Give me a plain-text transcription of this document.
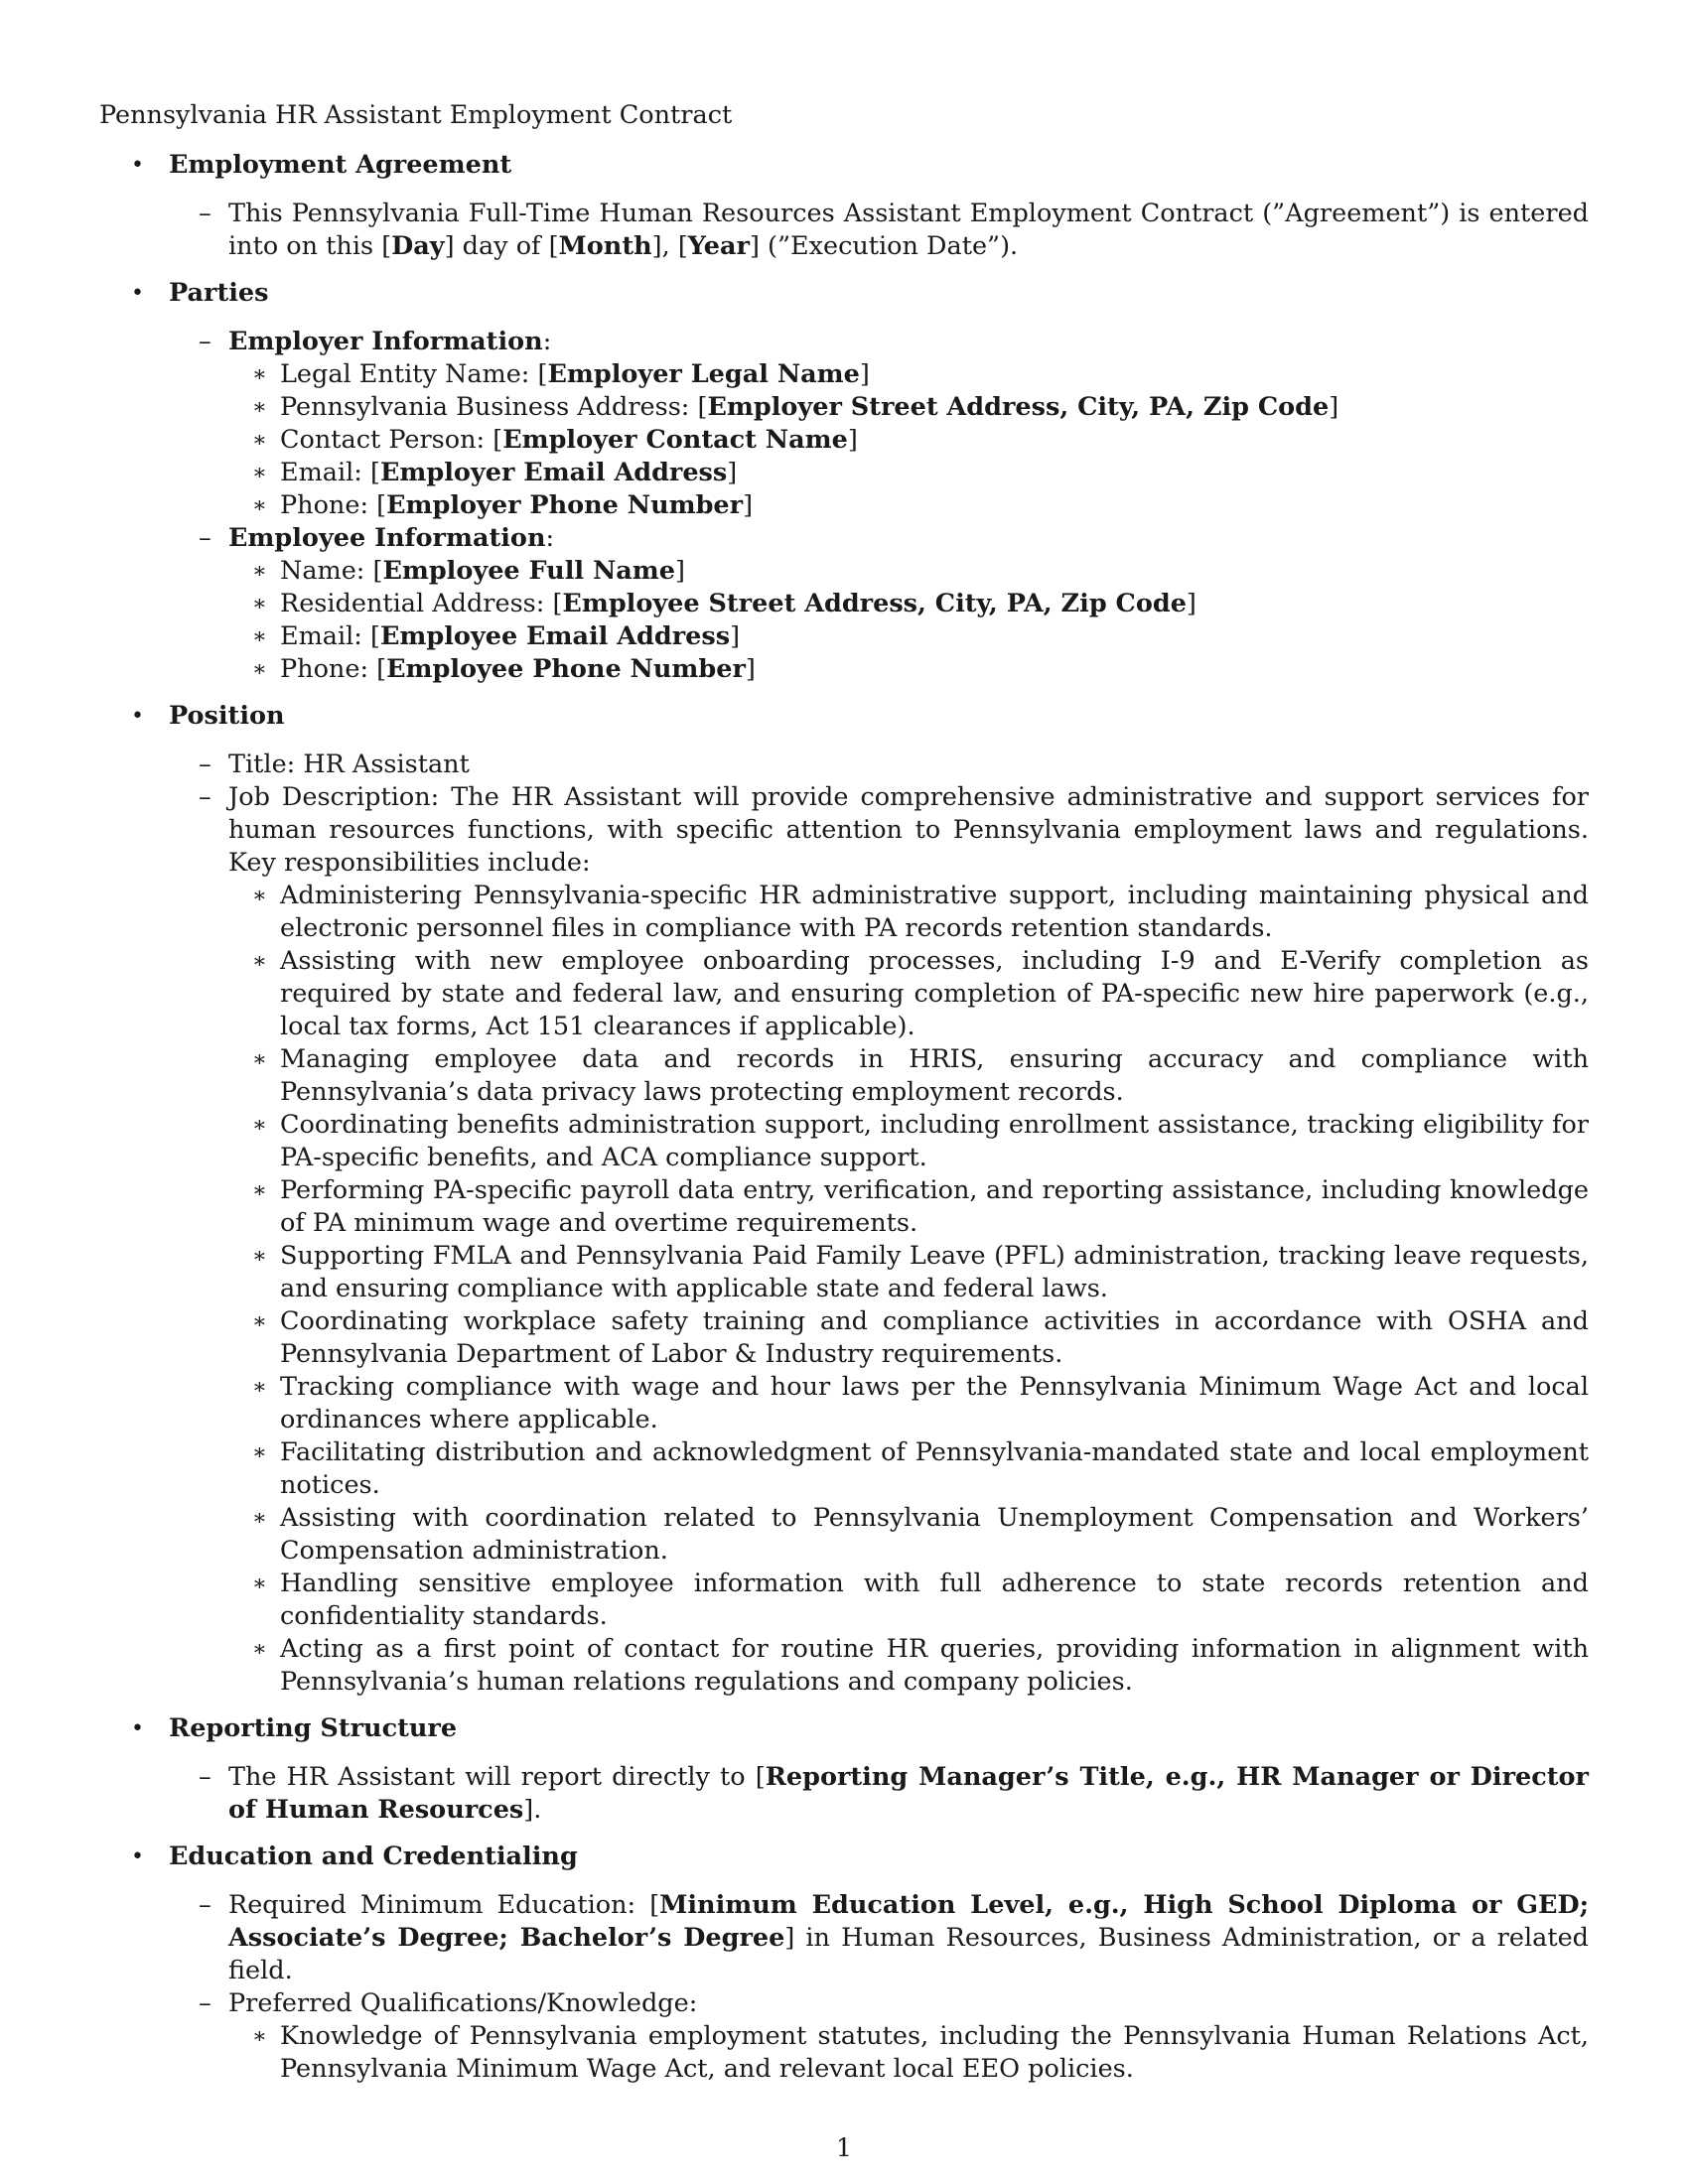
Pennsylvania HR Assistant Employment Contract
• Employment Agreement
– This Pennsylvania Full-Time Human Resources Assistant Employment Contract (”Agreement”) is entered into on this [Day] day of [Month], [Year] (”Execution Date”).
• Parties
– Employer Information:
∗ Legal Entity Name: [Employer Legal Name]
∗ Pennsylvania Business Address: [Employer Street Address, City, PA, Zip Code]
∗ Contact Person: [Employer Contact Name]
∗ Email: [Employer Email Address]
∗ Phone: [Employer Phone Number]
– Employee Information:
∗ Name: [Employee Full Name]
∗ Residential Address: [Employee Street Address, City, PA, Zip Code]
∗ Email: [Employee Email Address]
∗ Phone: [Employee Phone Number]
• Position
– Title: HR Assistant
– Job Description: The HR Assistant will provide comprehensive administrative and support services for human resources functions, with specific attention to Pennsylvania employment laws and regulations. Key responsibilities include:
∗ Administering Pennsylvania-specific HR administrative support, including maintaining physical and electronic personnel files in compliance with PA records retention standards.
∗ Assisting with new employee onboarding processes, including I-9 and E-Verify completion as required by state and federal law, and ensuring completion of PA-specific new hire paperwork (e.g., local tax forms, Act 151 clearances if applicable).
∗ Managing employee data and records in HRIS, ensuring accuracy and compliance with Pennsylvania’s data privacy laws protecting employment records.
∗ Coordinating benefits administration support, including enrollment assistance, tracking eligibility for PA-specific benefits, and ACA compliance support.
∗ Performing PA-specific payroll data entry, verification, and reporting assistance, including knowledge of PA minimum wage and overtime requirements.
∗ Supporting FMLA and Pennsylvania Paid Family Leave (PFL) administration, tracking leave requests, and ensuring compliance with applicable state and federal laws.
∗ Coordinating workplace safety training and compliance activities in accordance with OSHA and Pennsylvania Department of Labor & Industry requirements.
∗ Tracking compliance with wage and hour laws per the Pennsylvania Minimum Wage Act and local ordinances where applicable.
∗ Facilitating distribution and acknowledgment of Pennsylvania-mandated state and local employment notices.
∗ Assisting with coordination related to Pennsylvania Unemployment Compensation and Workers’ Compensation administration.
∗ Handling sensitive employee information with full adherence to state records retention and confidentiality standards.
∗ Acting as a first point of contact for routine HR queries, providing information in alignment with Pennsylvania’s human relations regulations and company policies.
• Reporting Structure
– The HR Assistant will report directly to [Reporting Manager’s Title, e.g., HR Manager or Director of Human Resources].
• Education and Credentialing
– Required Minimum Education: [Minimum Education Level, e.g., High School Diploma or GED; Associate’s Degree; Bachelor’s Degree] in Human Resources, Business Administration, or a related field.
– Preferred Qualifications/Knowledge:
∗ Knowledge of Pennsylvania employment statutes, including the Pennsylvania Human Relations Act, Pennsylvania Minimum Wage Act, and relevant local EEO policies.
1
